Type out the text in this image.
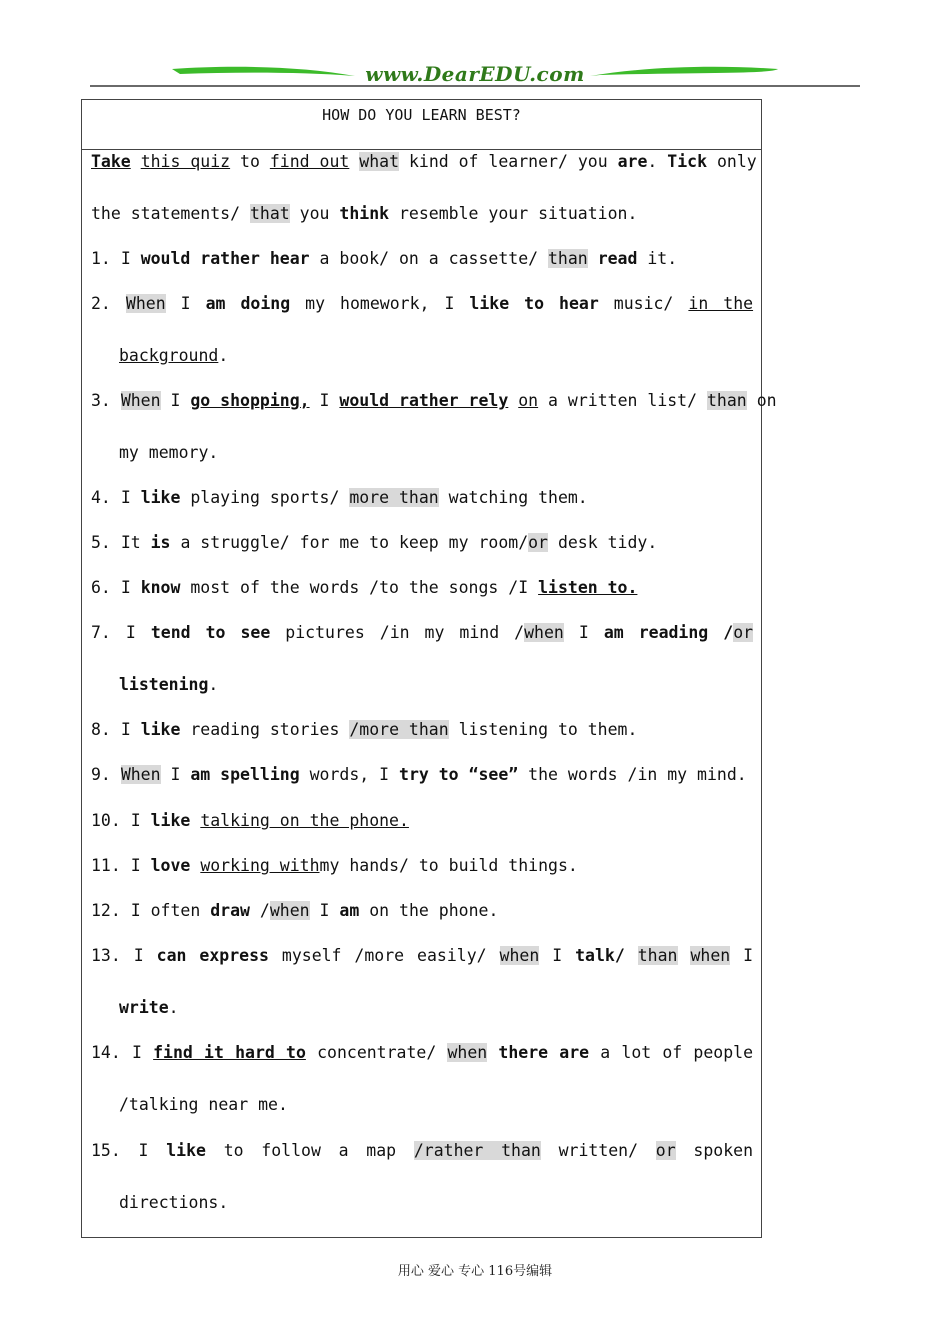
www.DearEDU.com
HOW DO YOU LEARN BEST?
Take this quiz to find out what kind of learner/ you are. Tick only
the statements/ that you think resemble your situation.
1. I would rather hear a book/ on a cassette/ than read it.
2. When I am doing my homework, I like to hear music/ in the
background.
3. When I go shopping, I would rather rely on a written list/ than on
my memory.
4. I like playing sports/ more than watching them.
5. It is a struggle/ for me to keep my room/or desk tidy.
6. I know most of the words /to the songs /I listen to.
7. I tend to see pictures /in my mind /when I am reading /or
listening.
8. I like reading stories /more than listening to them.
9. When I am spelling words, I try to “see” the words /in my mind.
10. I like talking on the phone.
11. I love working withmy hands/ to build things.
12. I often draw /when I am on the phone.
13. I can express myself /more easily/ when I talk/ than when I
write.
14. I find it hard to concentrate/ when there are a lot of people
/talking near me.
15. I like to follow a map /rather than written/ or spoken
directions.
用心 爱心 专心 116号编辑
